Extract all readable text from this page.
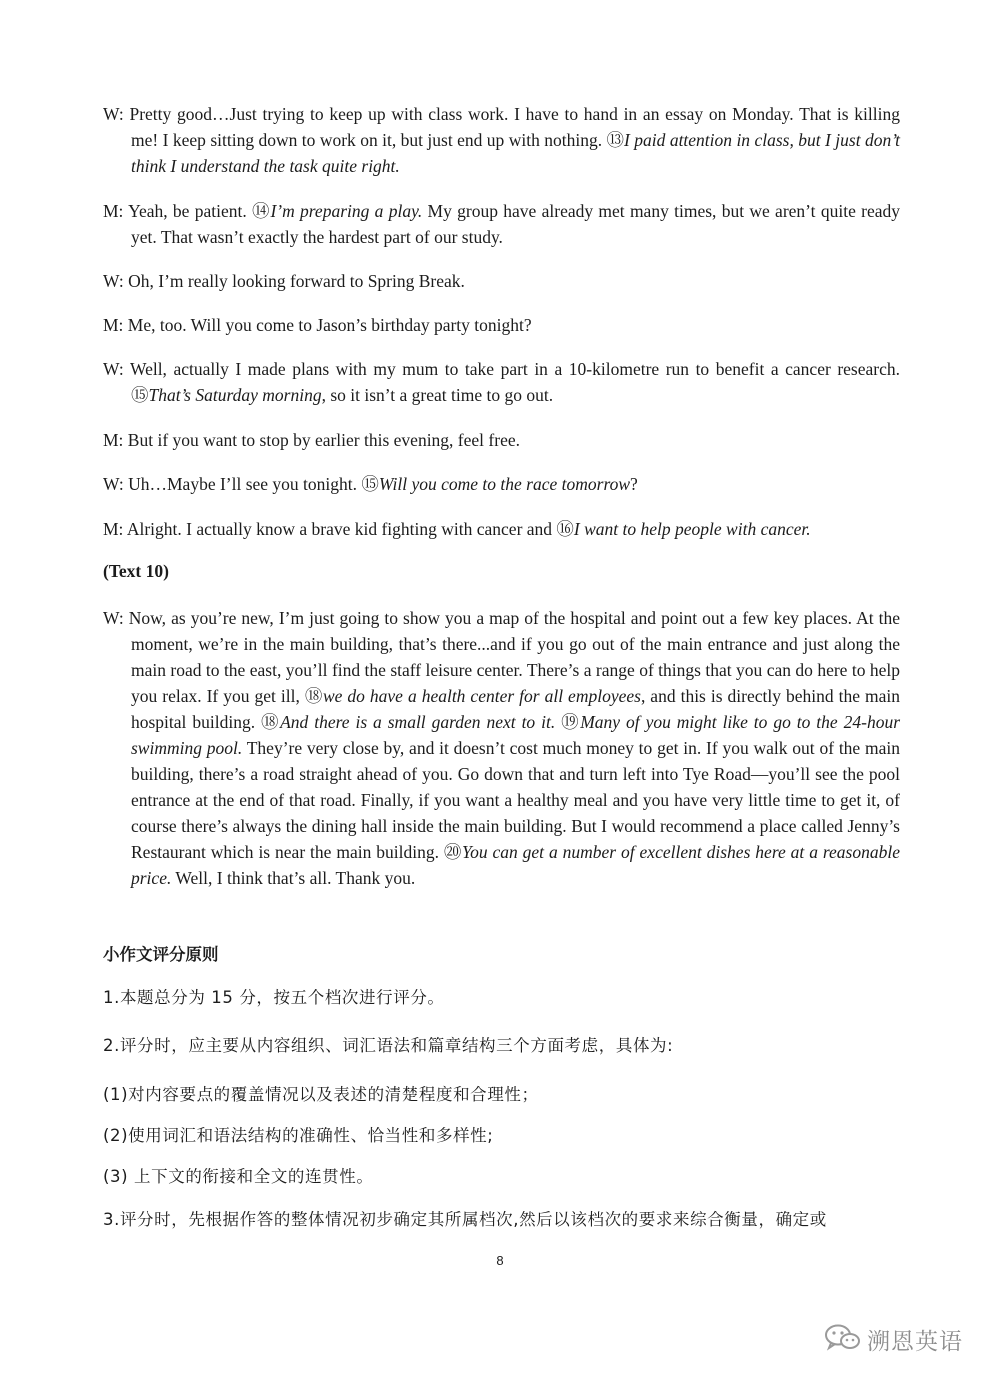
W: Pretty good…Just trying to keep up with class work. I have to hand in an essay on Monday. That is killing me! I keep sitting down to work on it, but just end up with nothing. ⑬I paid attention in class, but I just don’t think I understand the task quite right.
M: Yeah, be patient. ⑭I’m preparing a play. My group have already met many times, but we aren’t quite ready yet. That wasn’t exactly the hardest part of our study.
W: Oh, I’m really looking forward to Spring Break.
M: Me, too. Will you come to Jason’s birthday party tonight?
W: Well, actually I made plans with my mum to take part in a 10-kilometre run to benefit a cancer research. ⑮That’s Saturday morning, so it isn’t a great time to go out.
M: But if you want to stop by earlier this evening, feel free.
W: Uh…Maybe I’ll see you tonight. ⑮Will you come to the race tomorrow?
M: Alright. I actually know a brave kid fighting with cancer and ⑯I want to help people with cancer.
(Text 10)
W: Now, as you’re new, I’m just going to show you a map of the hospital and point out a few key places. At the moment, we’re in the main building, that’s there...and if you go out of the main entrance and just along the main road to the east, you’ll find the staff leisure center. There’s a range of things that you can do here to help you relax. If you get ill, ⑱we do have a health center for all employees, and this is directly behind the main hospital building. ⑱And there is a small garden next to it. ⑲Many of you might like to go to the 24-hour swimming pool. They’re very close by, and it doesn’t cost much money to get in. If you walk out of the main building, there’s a road straight ahead of you. Go down that and turn left into Tye Road—you’ll see the pool entrance at the end of that road. Finally, if you want a healthy meal and you have very little time to get it, of course there’s always the dining hall inside the main building. But I would recommend a place called Jenny’s Restaurant which is near the main building. ⑳You can get a number of excellent dishes here at a reasonable price. Well, I think that’s all. Thank you.
小作文评分原则
1.本题总分为 15 分，按五个档次进行评分。
2.评分时，应主要从内容组织、词汇语法和篇章结构三个方面考虑，具体为:
(1)对内容要点的覆盖情况以及表述的清楚程度和合理性；
(2)使用词汇和语法结构的准确性、恰当性和多样性;
(3) 上下文的衔接和全文的连贯性。
3.评分时，先根据作答的整体情况初步确定其所属档次,然后以该档次的要求来综合衡量，确定或
8
溯恩英语
